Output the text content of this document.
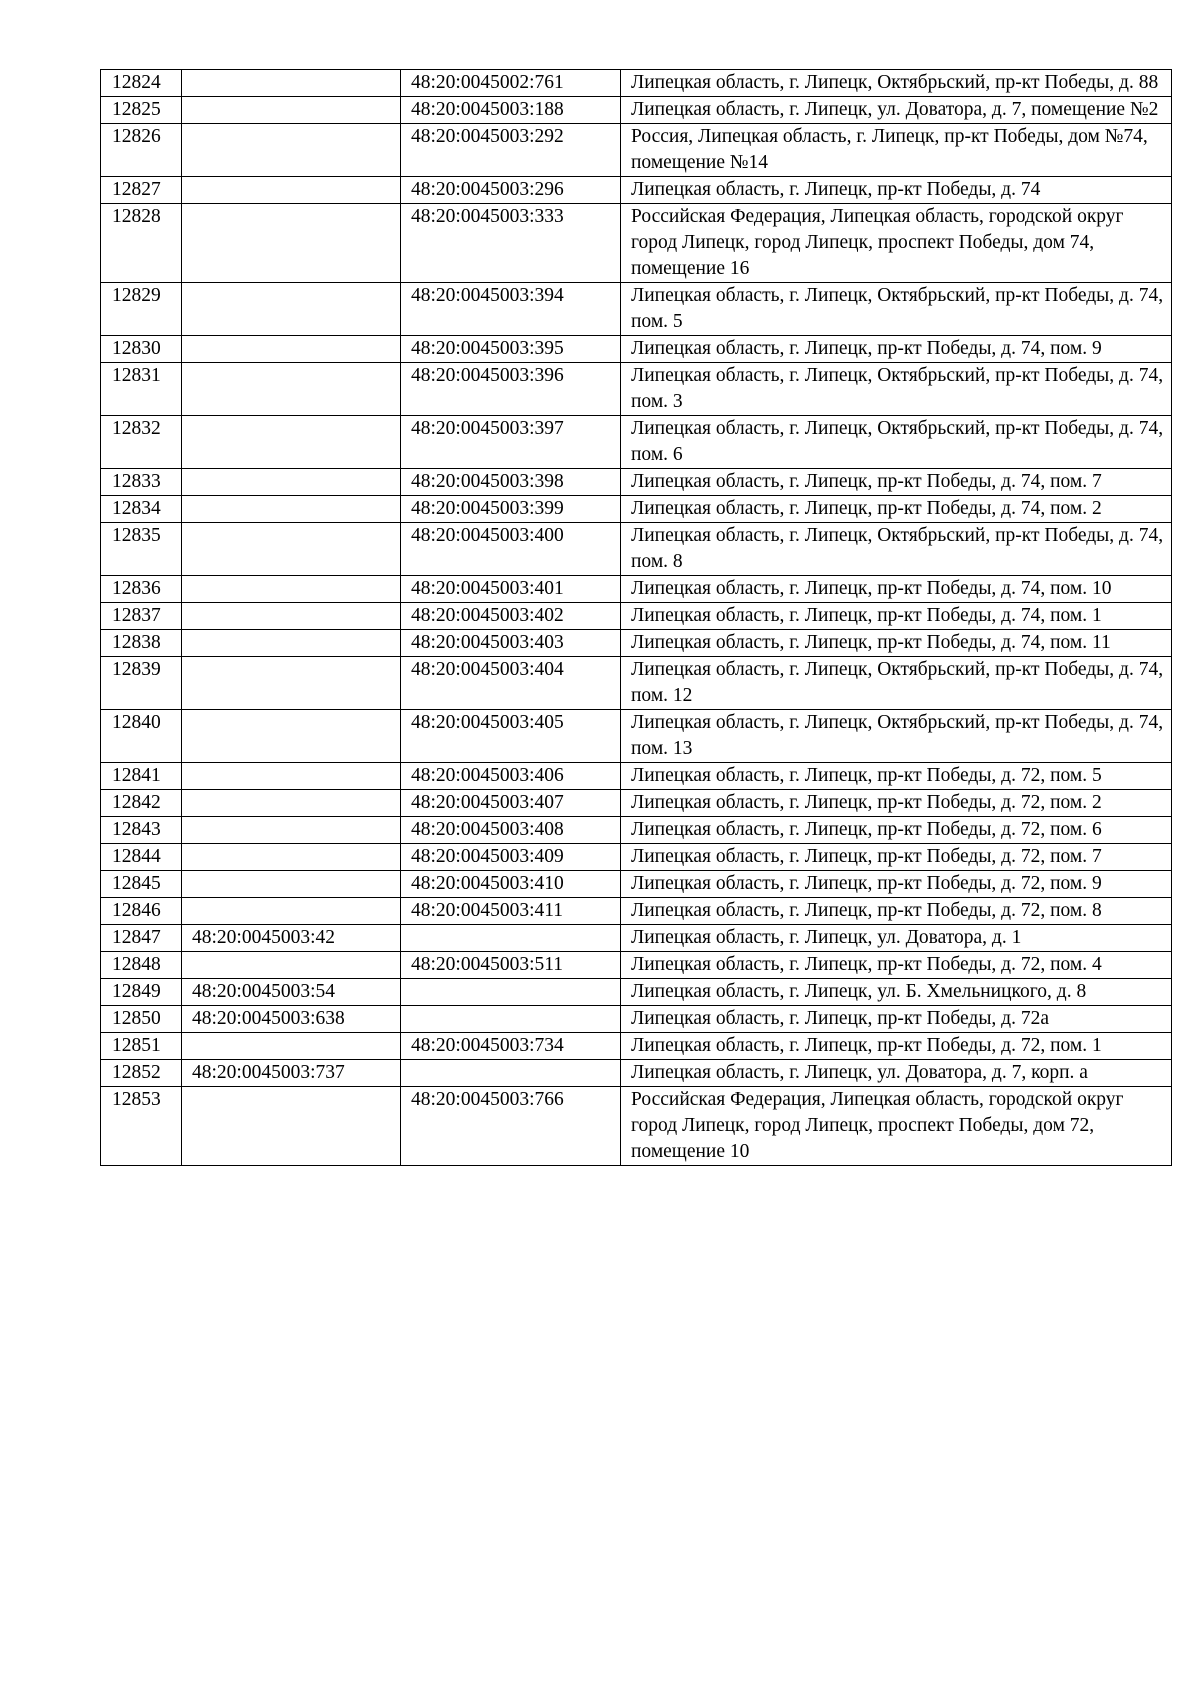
12824		48:20:0045002:761	Липецкая область, г. Липецк, Октябрьский, пр-кт Победы, д. 88
12825		48:20:0045003:188	Липецкая область, г. Липецк, ул. Доватора, д. 7, помещение №2
12826		48:20:0045003:292	Россия, Липецкая область, г. Липецк, пр-кт Победы, дом №74, помещение №14
12827		48:20:0045003:296	Липецкая область, г. Липецк, пр-кт Победы, д. 74
12828		48:20:0045003:333	Российская Федерация, Липецкая область, городской округ город Липецк, город Липецк, проспект Победы, дом 74, помещение 16
12829		48:20:0045003:394	Липецкая область, г. Липецк, Октябрьский, пр-кт Победы, д. 74, пом. 5
12830		48:20:0045003:395	Липецкая область, г. Липецк, пр-кт Победы, д. 74, пом. 9
12831		48:20:0045003:396	Липецкая область, г. Липецк, Октябрьский, пр-кт Победы, д. 74, пом. 3
12832		48:20:0045003:397	Липецкая область, г. Липецк, Октябрьский, пр-кт Победы, д. 74, пом. 6
12833		48:20:0045003:398	Липецкая область, г. Липецк, пр-кт Победы, д. 74, пом. 7
12834		48:20:0045003:399	Липецкая область, г. Липецк, пр-кт Победы, д. 74, пом. 2
12835		48:20:0045003:400	Липецкая область, г. Липецк, Октябрьский, пр-кт Победы, д. 74, пом. 8
12836		48:20:0045003:401	Липецкая область, г. Липецк, пр-кт Победы, д. 74, пом. 10
12837		48:20:0045003:402	Липецкая область, г. Липецк, пр-кт Победы, д. 74, пом. 1
12838		48:20:0045003:403	Липецкая область, г. Липецк, пр-кт Победы, д. 74, пом. 11
12839		48:20:0045003:404	Липецкая область, г. Липецк, Октябрьский, пр-кт Победы, д. 74, пом. 12
12840		48:20:0045003:405	Липецкая область, г. Липецк, Октябрьский, пр-кт Победы, д. 74, пом. 13
12841		48:20:0045003:406	Липецкая область, г. Липецк, пр-кт Победы, д. 72, пом. 5
12842		48:20:0045003:407	Липецкая область, г. Липецк, пр-кт Победы, д. 72, пом. 2
12843		48:20:0045003:408	Липецкая область, г. Липецк, пр-кт Победы, д. 72, пом. 6
12844		48:20:0045003:409	Липецкая область, г. Липецк, пр-кт Победы, д. 72, пом. 7
12845		48:20:0045003:410	Липецкая область, г. Липецк, пр-кт Победы, д. 72, пом. 9
12846		48:20:0045003:411	Липецкая область, г. Липецк, пр-кт Победы, д. 72, пом. 8
12847	48:20:0045003:42		Липецкая область, г. Липецк, ул. Доватора, д. 1
12848		48:20:0045003:511	Липецкая область, г. Липецк, пр-кт Победы, д. 72, пом. 4
12849	48:20:0045003:54		Липецкая область, г. Липецк, ул. Б. Хмельницкого, д. 8
12850	48:20:0045003:638		Липецкая область, г. Липецк, пр-кт Победы, д. 72а
12851		48:20:0045003:734	Липецкая область, г. Липецк, пр-кт Победы, д. 72, пом. 1
12852	48:20:0045003:737		Липецкая область, г. Липецк, ул. Доватора, д. 7, корп. а
12853		48:20:0045003:766	Российская Федерация, Липецкая область, городской округ город Липецк, город Липецк, проспект Победы, дом 72, помещение 10
